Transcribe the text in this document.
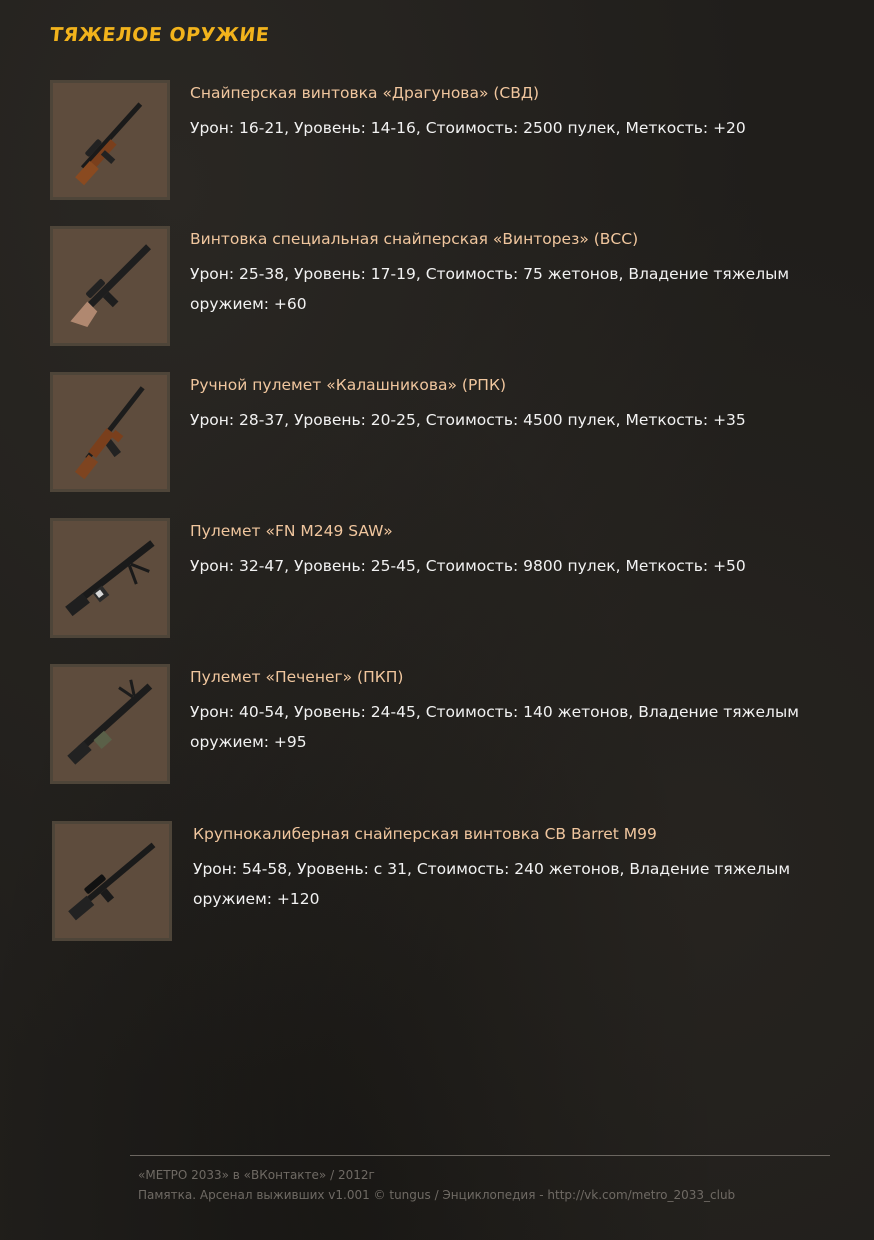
ТЯЖЕЛОЕ ОРУЖИЕ
Снайперская винтовка «Драгунова» (СВД)
Урон: 16-21, Уровень: 14-16, Стоимость: 2500 пулек, Меткость: +20
Винтовка специальная снайперская «Винторез» (ВСС)
Урон: 25-38, Уровень: 17-19, Стоимость: 75 жетонов, Владение тяжелым оружием: +60
Ручной пулемет «Калашникова» (РПК)
Урон: 28-37, Уровень: 20-25, Стоимость: 4500 пулек, Меткость: +35
Пулемет «FN M249 SAW»
Урон: 32-47, Уровень: 25-45, Стоимость: 9800 пулек, Меткость: +50
Пулемет «Печенег» (ПКП)
Урон: 40-54, Уровень: 24-45, Стоимость: 140 жетонов, Владение тяжелым оружием: +95
Крупнокалиберная снайперская винтовка CB Barret M99
Урон: 54-58, Уровень: с 31, Стоимость: 240 жетонов, Владение тяжелым оружием: +120
«МЕТРО 2033» в «ВКонтакте» / 2012г
Памятка. Арсенал выживших v1.001 © tungus / Энциклопедия - http://vk.com/metro_2033_club
